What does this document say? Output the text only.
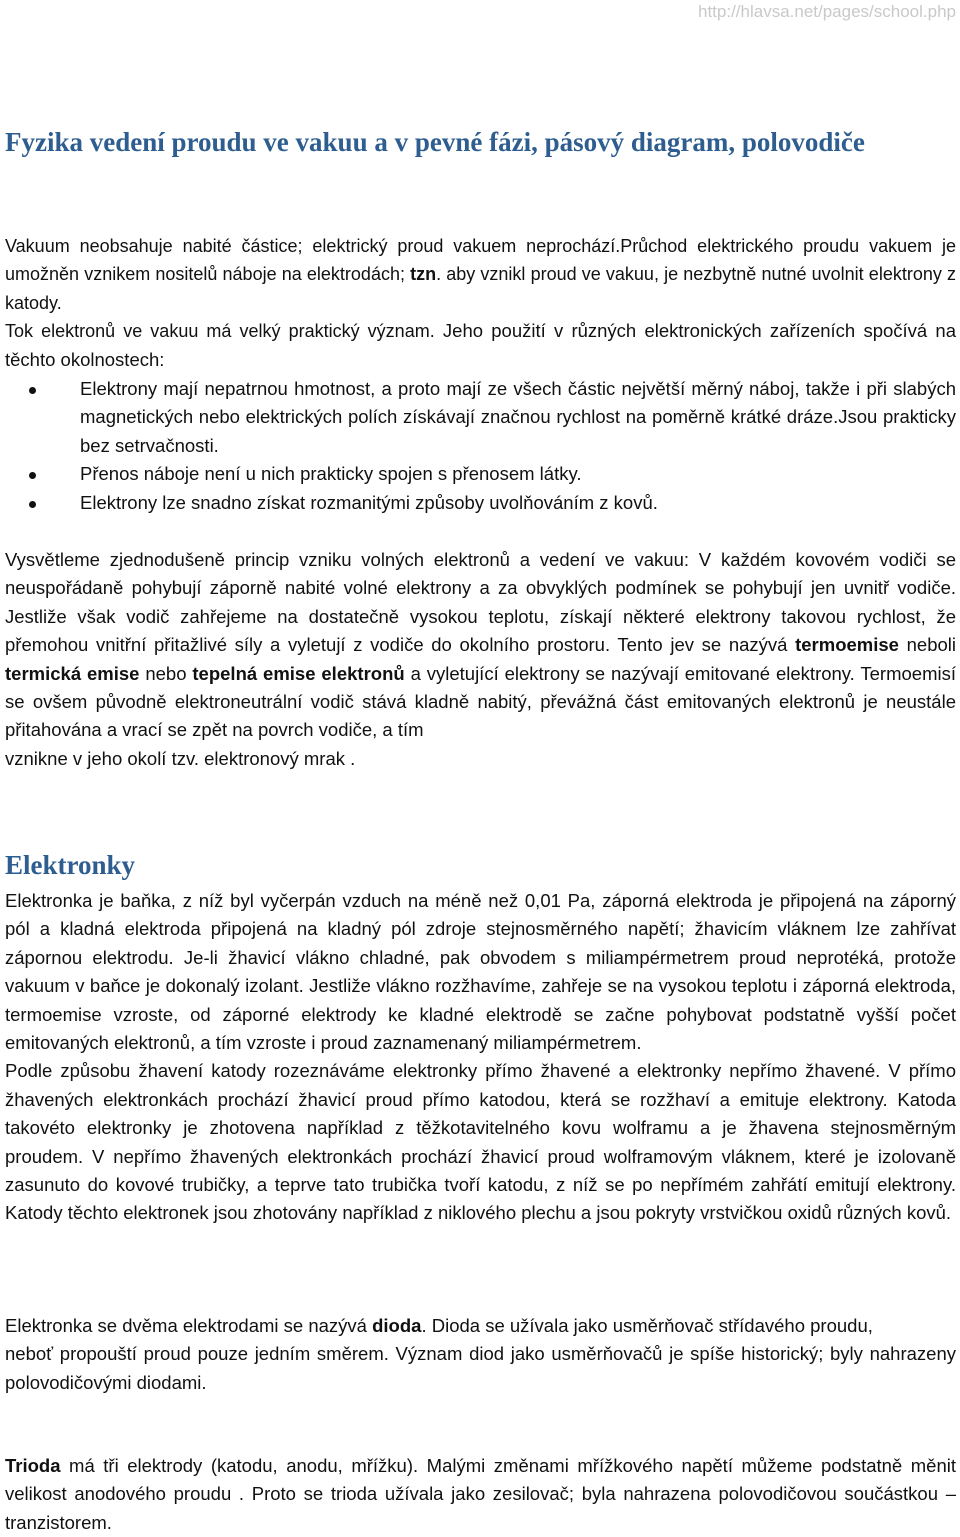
http://hlavsa.net/pages/school.php
Fyzika vedení proudu ve vakuu a v pevné fázi, pásový diagram, polovodiče

Vakuum neobsahuje nabité částice; elektrický proud vakuem neprochází.Průchod elektrického proudu vakuem je umožněn vznikem nositelů náboje na elektrodách; tzn. aby vznikl proud ve vakuu, je nezbytně nutné uvolnit elektrony z katody.

Tok elektronů ve vakuu má velký praktický význam. Jeho použití v různých elektronických zařízeních spočívá na těchto okolnostech:

Elektrony mají nepatrnou hmotnost, a proto mají ze všech částic největší měrný náboj, takže i při slabých magnetických nebo elektrických polích získávají značnou rychlost na poměrně krátké dráze.Jsou prakticky bez setrvačnosti.
Přenos náboje není u nich prakticky spojen s přenosem látky.
Elektrony lze snadno získat rozmanitými způsoby uvolňováním z kovů.

Vysvětleme zjednodušeně princip vzniku volných elektronů a vedení ve vakuu: V každém kovovém vodiči se neuspořádaně pohybují záporně nabité volné elektrony a za obvyklých podmínek se pohybují jen uvnitř vodiče. Jestliže však vodič zahřejeme na dostatečně vysokou teplotu, získají některé elektrony takovou rychlost, že přemohou vnitřní přitažlivé síly a vyletují z vodiče do okolního prostoru. Tento jev se nazývá termoemise neboli termická emise nebo tepelná emise elektronů a vyletující elektrony se nazývají emitované elektrony. Termoemisí se ovšem původně elektroneutrální vodič stává kladně nabitý, převážná část emitovaných elektronů je neustále přitahována a vrací se zpět na povrch vodiče, a tím

vznikne v jeho okolí tzv. elektronový mrak .

Elektronky

Elektronka je baňka, z níž byl vyčerpán vzduch na méně než 0,01 Pa, záporná elektroda je připojená na záporný pól a kladná elektroda připojená na kladný pól zdroje stejnosměrného napětí; žhavicím vláknem lze zahřívat zápornou elektrodu. Je-li žhavicí vlákno chladné, pak obvodem s miliampérmetrem proud neprotéká, protože vakuum v baňce je dokonalý izolant. Jestliže vlákno rozžhavíme, zahřeje se na vysokou teplotu i záporná elektroda, termoemise vzroste, od záporné elektrody ke kladné elektrodě se začne pohybovat podstatně vyšší počet emitovaných elektronů, a tím vzroste i proud zaznamenaný miliampérmetrem.

Podle způsobu žhavení katody rozeznáváme elektronky přímo žhavené a elektronky nepřímo žhavené. V přímo žhavených elektronkách prochází žhavicí proud přímo katodou, která se rozžhaví a emituje elektrony. Katoda takovéto elektronky je zhotovena například z těžkotavitelného kovu wolframu a je žhavena stejnosměrným proudem. V nepřímo žhavených elektronkách prochází žhavicí proud wolframovým vláknem, které je izolovaně zasunuto do kovové trubičky, a teprve tato trubička tvoří katodu, z níž se po nepřímém zahřátí emitují elektrony. Katody těchto elektronek jsou zhotovány například z niklového plechu a jsou pokryty vrstvičkou oxidů různých kovů.

Elektronka se dvěma elektrodami se nazývá dioda. Dioda se užívala jako usměrňovač střídavého proudu,

neboť propouští proud pouze jedním směrem. Význam diod jako usměrňovačů je spíše historický; byly nahrazeny polovodičovými diodami.

Trioda má tři elektrody (katodu, anodu, mřížku). Malými změnami mřížkového napětí můžeme podstatně měnit velikost anodového proudu . Proto se trioda užívala jako zesilovač; byla nahrazena polovodičovou součástkou – tranzistorem.
